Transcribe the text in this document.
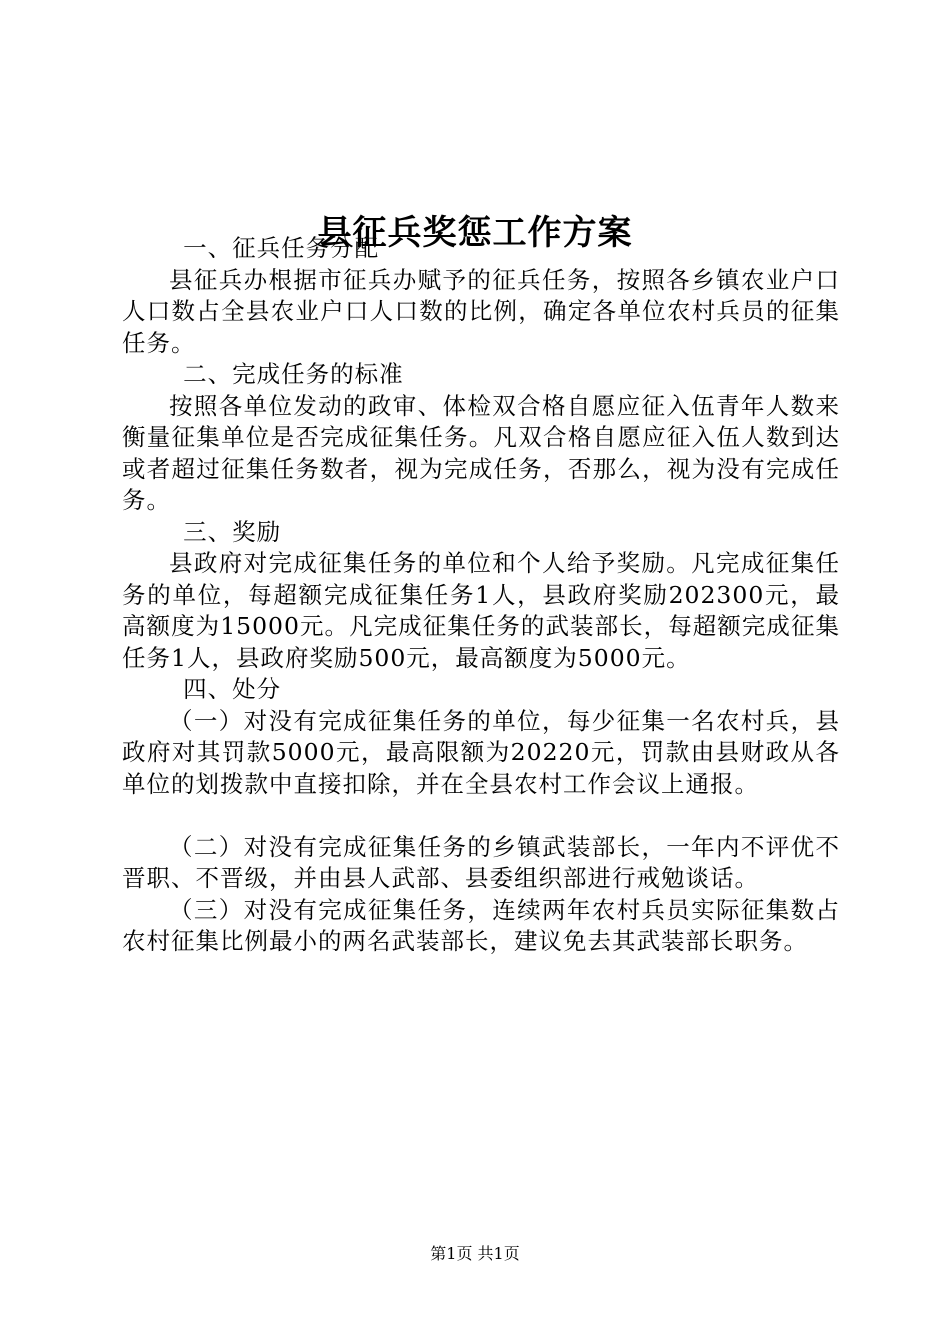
县征兵奖惩工作方案

一、征兵任务分配

县征兵办根据市征兵办赋予的征兵任务，按照各乡镇农业户口人口数占全县农业户口人口数的比例，确定各单位农村兵员的征集任务。

二、完成任务的标准

按照各单位发动的政审、体检双合格自愿应征入伍青年人数来衡量征集单位是否完成征集任务。凡双合格自愿应征入伍人数到达或者超过征集任务数者，视为完成任务，否那么，视为没有完成任务。

三、奖励

县政府对完成征集任务的单位和个人给予奖励。凡完成征集任务的单位，每超额完成征集任务1人，县政府奖励202300元，最高额度为15000元。凡完成征集任务的武装部长，每超额完成征集任务1人，县政府奖励500元，最高额度为5000元。

四、处分

（一）对没有完成征集任务的单位，每少征集一名农村兵，县政府对其罚款5000元，最高限额为20220元，罚款由县财政从各单位的划拨款中直接扣除，并在全县农村工作会议上通报。

（二）对没有完成征集任务的乡镇武装部长，一年内不评优不晋职、不晋级，并由县人武部、县委组织部进行戒勉谈话。

（三）对没有完成征集任务，连续两年农村兵员实际征集数占农村征集比例最小的两名武装部长，建议免去其武装部长职务。

第1页 共1页
